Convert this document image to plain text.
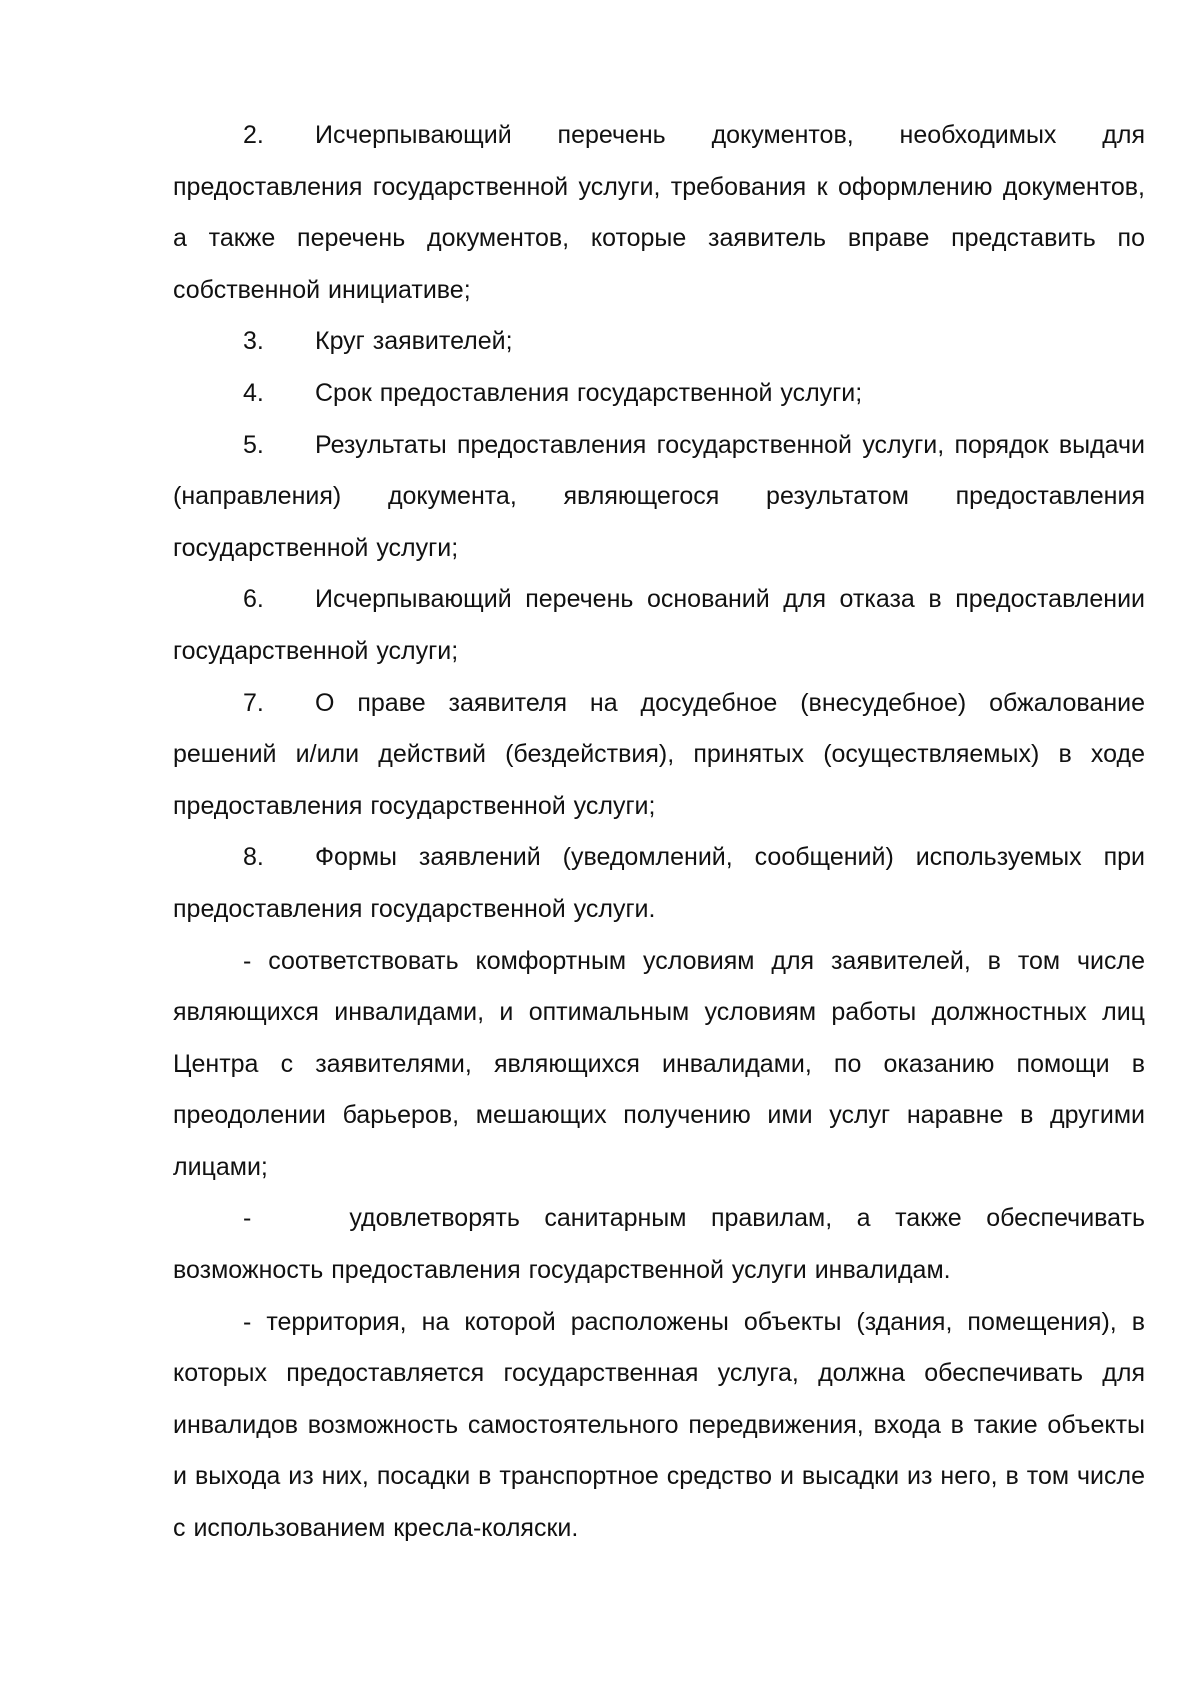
2. Исчерпывающий перечень документов, необходимых для предоставления государственной услуги, требования к оформлению документов, а также перечень документов, которые заявитель вправе представить по собственной инициативе;

3. Круг заявителей;

4. Срок предоставления государственной услуги;

5. Результаты предоставления государственной услуги, порядок выдачи (направления) документа, являющегося результатом предоставления государственной услуги;

6. Исчерпывающий перечень оснований для отказа в предоставлении государственной услуги;

7. О праве заявителя на досудебное (внесудебное) обжалование решений и/или действий (бездействия), принятых (осуществляемых) в ходе предоставления государственной услуги;

8. Формы заявлений (уведомлений, сообщений) используемых при предоставления государственной услуги.

- соответствовать комфортным условиям для заявителей, в том числе являющихся инвалидами, и оптимальным условиям работы должностных лиц Центра с заявителями, являющихся инвалидами, по оказанию помощи в преодолении барьеров, мешающих получению ими услуг наравне в другими лицами;

-    удовлетворять санитарным правилам, а также обеспечивать возможность предоставления государственной услуги инвалидам.

- территория, на которой расположены объекты (здания, помещения), в которых предоставляется государственная услуга, должна обеспечивать для инвалидов возможность самостоятельного передвижения, входа в такие объекты и выхода из них, посадки в транспортное средство и высадки из него, в том числе с использованием кресла-коляски.
